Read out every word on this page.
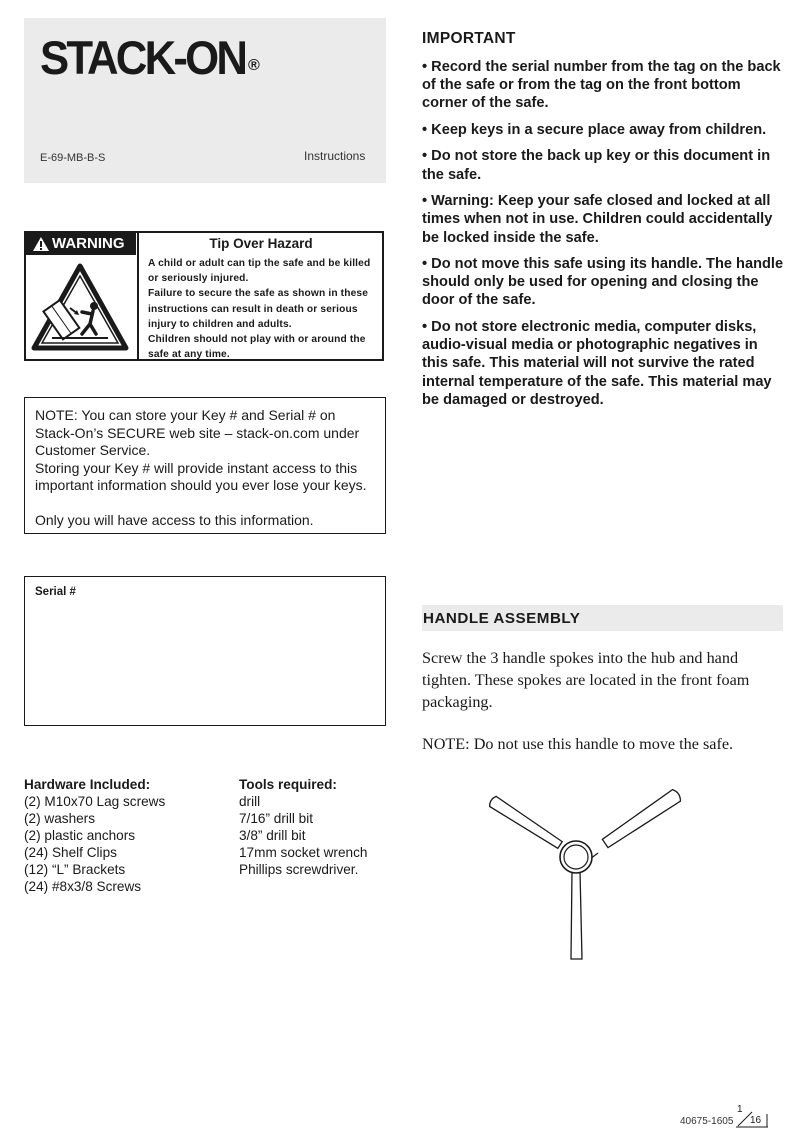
STACK-ON ®
E-69-MB-B-S	Instructions
WARNING	Tip Over Hazard
A child or adult can tip the safe and be killed or seriously injured.
Failure to secure the safe as shown in these instructions can result in death or serious injury to children and adults.
Children should not play with or around the safe at any time.

NOTE: You can store your Key # and Serial # on Stack-On’s SECURE web site – stack-on.com under Customer Service.

Storing your Key # will provide instant access to this important information should you ever lose your keys.

Only you will have access to this information.

Serial #
Hardware Included:
(2) M10x70 Lag screws
(2) washers
(2) plastic anchors
(24) Shelf Clips
(12) “L” Brackets
(24) #8x3/8 Screws
Tools required:
drill
7/16” drill bit
3/8” drill bit
17mm socket wrench
Phillips screwdriver.
IMPORTANT
• Record the serial number from the tag on the back of the safe or from the tag on the front bottom corner of the safe.
• Keep keys in a secure place away from children.
• Do not store the back up key or this document in the safe.
• Warning: Keep your safe closed and locked at all times when not in use. Children could accidentally be locked inside the safe.
• Do not move this safe using its handle. The handle should only be used for opening and closing the door of the safe.
• Do not store electronic media, computer disks, audio-visual media or photographic negatives in this safe. This material will not survive the rated internal temperature of the safe. This material may be damaged or destroyed.
HANDLE ASSEMBLY
Screw the 3 handle spokes into the hub and hand tighten. These spokes are located in the front foam packaging.
NOTE: Do not use this handle to move the safe.
40675-1605
1
16
